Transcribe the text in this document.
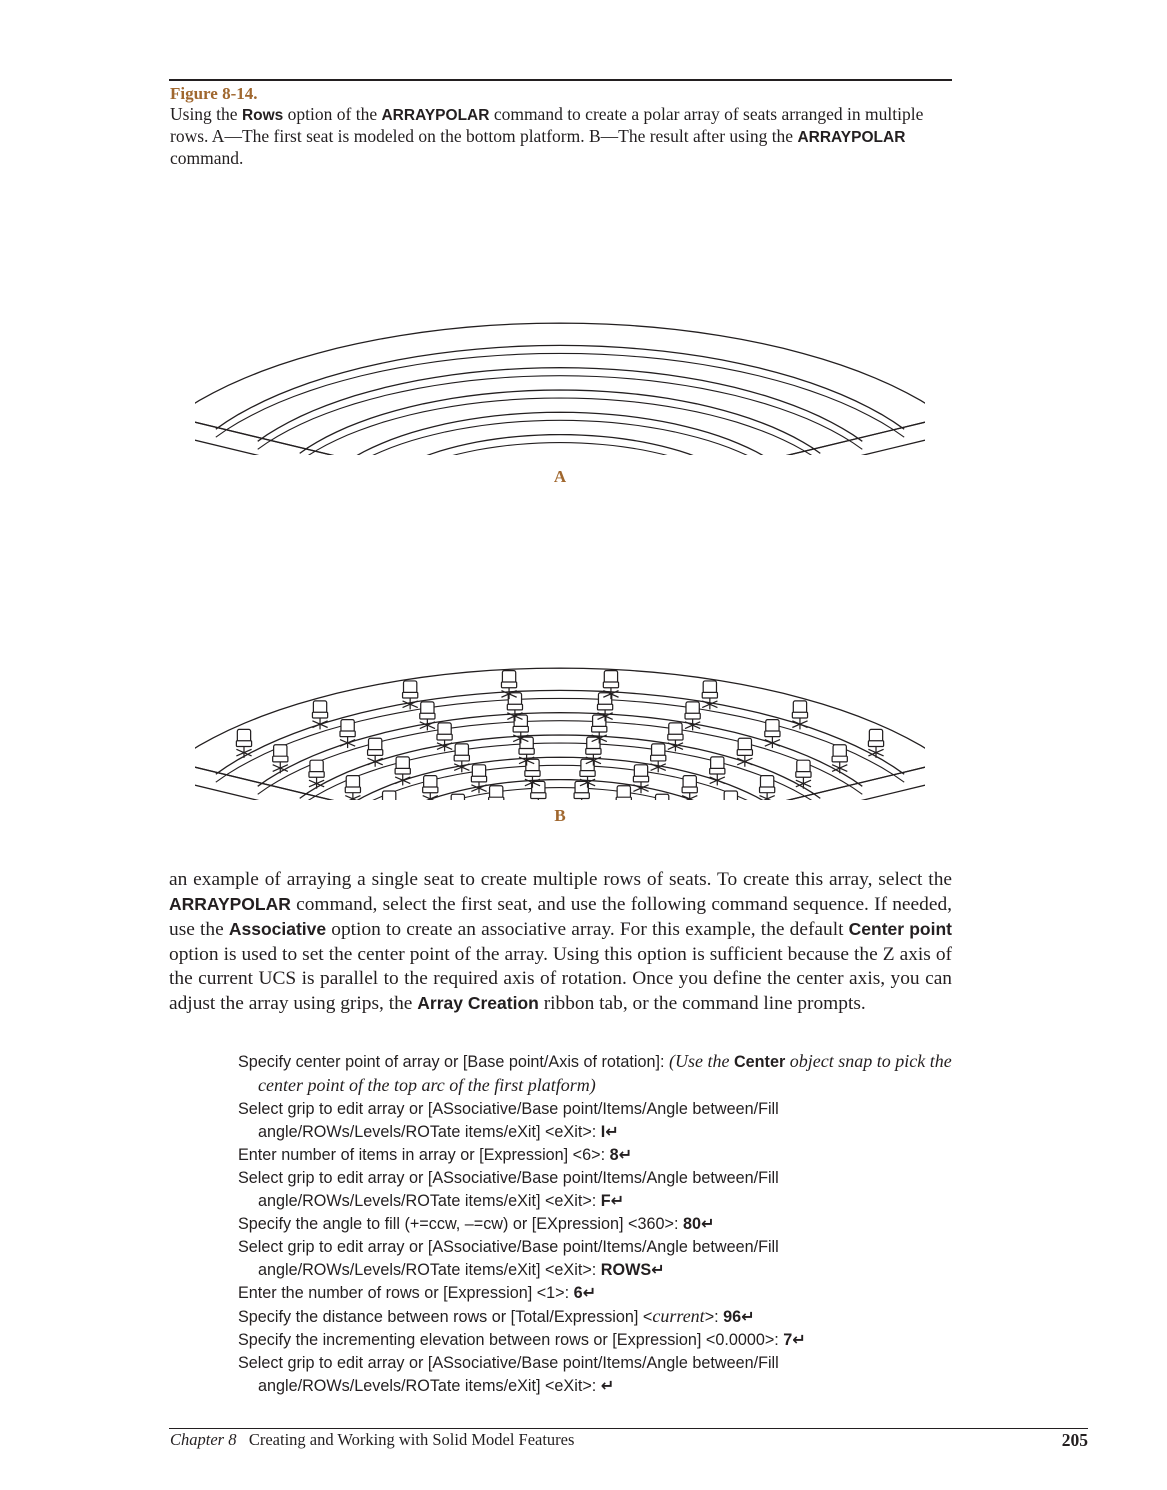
Figure 8-14.
Using the Rows option of the ARRAYPOLAR command to create a polar array of seats arranged in multiple rows. A—The first seat is modeled on the bottom platform. B—The result after using the ARRAYPOLAR command.
A
B
an example of arraying a single seat to create multiple rows of seats. To create this array, select the ARRAYPOLAR command, select the first seat, and use the following command sequence. If needed, use the Associative option to create an associative array. For this example, the default Center point option is used to set the center point of the array. Using this option is sufficient because the Z axis of the current UCS is parallel to the required axis of rotation. Once you define the center axis, you can adjust the array using grips, the Array Creation ribbon tab, or the command line prompts.
Specify center point of array or [Base point/Axis of rotation]: (Use the Center object snap to pick the center point of the top arc of the first platform)
Select grip to edit array or [ASsociative/Base point/Items/Angle between/Fill angle/ROWs/Levels/ROTate items/eXit] <eXit>: I↵
Enter number of items in array or [Expression] <6>: 8↵
Select grip to edit array or [ASsociative/Base point/Items/Angle between/Fill angle/ROWs/Levels/ROTate items/eXit] <eXit>: F↵
Specify the angle to fill (+=ccw, –=cw) or [EXpression] <360>: 80↵
Select grip to edit array or [ASsociative/Base point/Items/Angle between/Fill angle/ROWs/Levels/ROTate items/eXit] <eXit>: ROWS↵
Enter the number of rows or [Expression] <1>: 6↵
Specify the distance between rows or [Total/Expression] <current>: 96↵
Specify the incrementing elevation between rows or [Expression] <0.0000>: 7↵
Select grip to edit array or [ASsociative/Base point/Items/Angle between/Fill angle/ROWs/Levels/ROTate items/eXit] <eXit>: ↵
Chapter 8 Creating and Working with Solid Model Features	205
